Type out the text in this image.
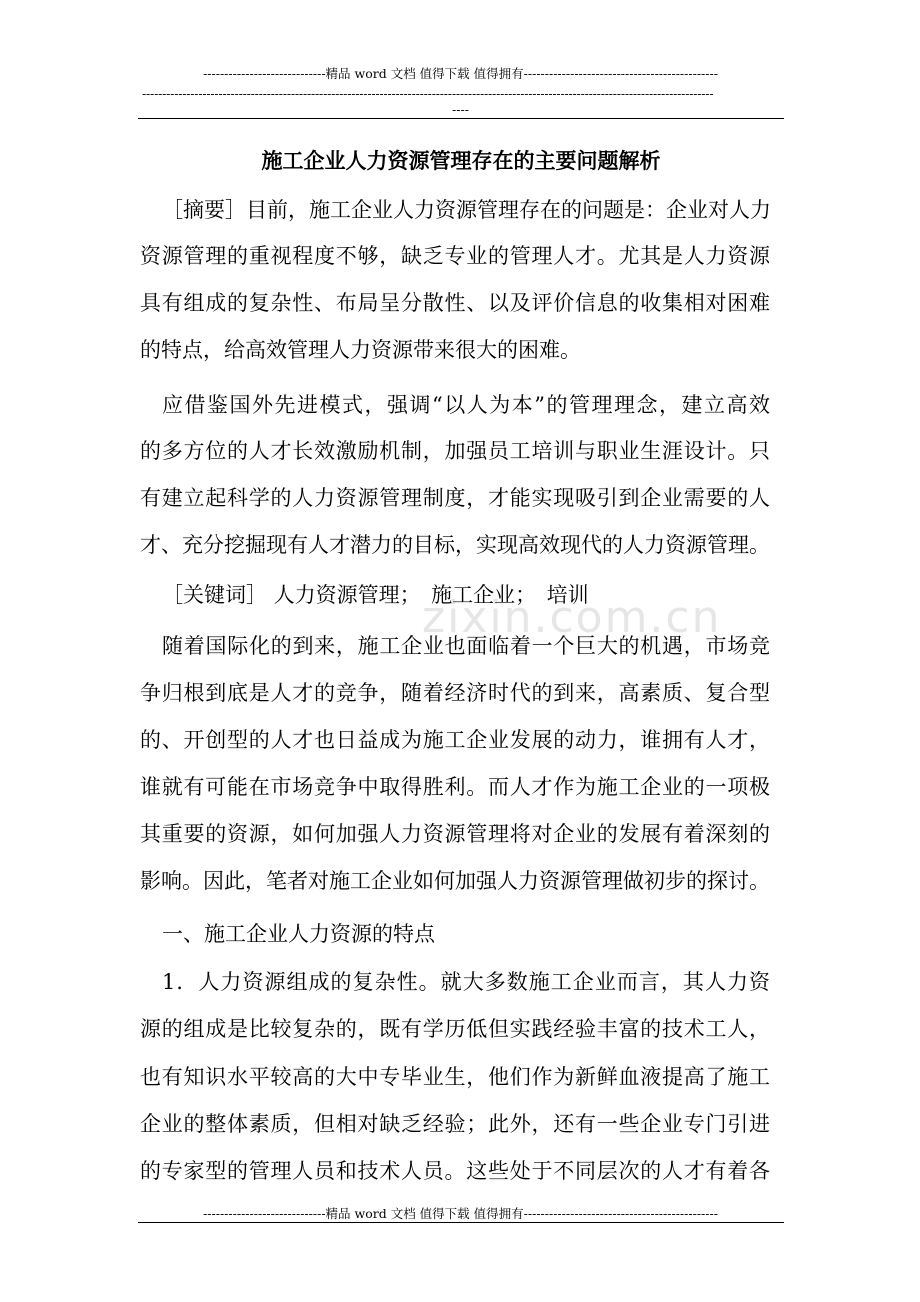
-----------------------------精品 word 文档 值得下载 值得拥有----------------------------------------------
----------------------------------------------------------------------------------------------------------------------------------------------
----
zixin.com.cn
施工企业人力资源管理存在的主要问题解析
［摘要］目前，施工企业人力资源管理存在的问题是：企业对人力
资源管理的重视程度不够，缺乏专业的管理人才。尤其是人力资源
具有组成的复杂性、布局呈分散性、以及评价信息的收集相对困难
的特点，给高效管理人力资源带来很大的困难。
应借鉴国外先进模式，强调“以人为本”的管理理念，建立高效
的多方位的人才长效激励机制，加强员工培训与职业生涯设计。只
有建立起科学的人力资源管理制度，才能实现吸引到企业需要的人
才、充分挖掘现有人才潜力的目标，实现高效现代的人力资源管理。
［关键词］ 人力资源管理；　施工企业；　培训
随着国际化的到来，施工企业也面临着一个巨大的机遇，市场竞
争归根到底是人才的竞争，随着经济时代的到来，高素质、复合型
的、开创型的人才也日益成为施工企业发展的动力，谁拥有人才，
谁就有可能在市场竞争中取得胜利。而人才作为施工企业的一项极
其重要的资源，如何加强人力资源管理将对企业的发展有着深刻的
影响。因此，笔者对施工企业如何加强人力资源管理做初步的探讨。
一、施工企业人力资源的特点
1．人力资源组成的复杂性。就大多数施工企业而言，其人力资
源的组成是比较复杂的，既有学历低但实践经验丰富的技术工人，
也有知识水平较高的大中专毕业生，他们作为新鲜血液提高了施工
企业的整体素质，但相对缺乏经验；此外，还有一些企业专门引进
的专家型的管理人员和技术人员。这些处于不同层次的人才有着各
-----------------------------精品 word 文档 值得下载 值得拥有----------------------------------------------
